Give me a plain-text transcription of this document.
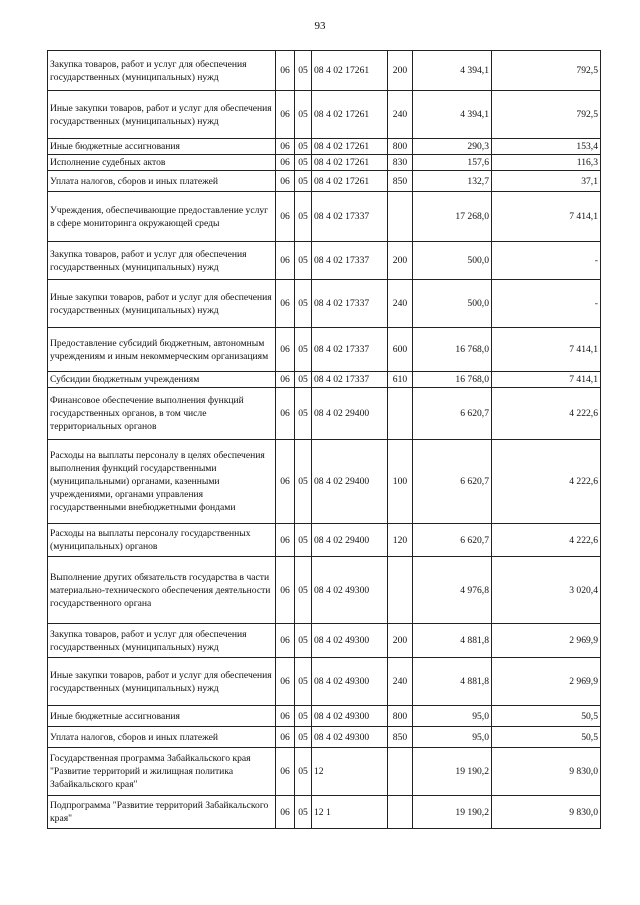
93
Закупка товаров, работ и услуг для обеспечения государственных (муниципальных) нужд	06	05	08 4 02 17261	200	4 394,1	792,5
Иные закупки товаров, работ и услуг для обеспечения государственных (муниципальных) нужд	06	05	08 4 02 17261	240	4 394,1	792,5
Иные бюджетные ассигнования	06	05	08 4 02 17261	800	290,3	153,4
Исполнение судебных актов	06	05	08 4 02 17261	830	157,6	116,3
Уплата налогов, сборов и иных платежей	06	05	08 4 02 17261	850	132,7	37,1
Учреждения, обеспечивающие предоставление услуг в сфере мониторинга окружающей среды	06	05	08 4 02 17337		17 268,0	7 414,1
Закупка товаров, работ и услуг для обеспечения государственных (муниципальных) нужд	06	05	08 4 02 17337	200	500,0	-
Иные закупки товаров, работ и услуг для обеспечения государственных (муниципальных) нужд	06	05	08 4 02 17337	240	500,0	-
Предоставление субсидий бюджетным, автономным учреждениям и иным некоммерческим организациям	06	05	08 4 02 17337	600	16 768,0	7 414,1
Субсидии бюджетным учреждениям	06	05	08 4 02 17337	610	16 768,0	7 414,1
Финансовое обеспечение выполнения функций государственных органов, в том числе территориальных органов	06	05	08 4 02 29400		6 620,7	4 222,6
Расходы на выплаты персоналу в целях обеспечения выполнения функций государственными (муниципальными) органами, казенными учреждениями, органами управления государственными внебюджетными фондами	06	05	08 4 02 29400	100	6 620,7	4 222,6
Расходы на выплаты персоналу государственных (муниципальных) органов	06	05	08 4 02 29400	120	6 620,7	4 222,6
Выполнение других обязательств государства в части материально-технического обеспечения деятельности государственного органа	06	05	08 4 02 49300		4 976,8	3 020,4
Закупка товаров, работ и услуг для обеспечения государственных (муниципальных) нужд	06	05	08 4 02 49300	200	4 881,8	2 969,9
Иные закупки товаров, работ и услуг для обеспечения государственных (муниципальных) нужд	06	05	08 4 02 49300	240	4 881,8	2 969,9
Иные бюджетные ассигнования	06	05	08 4 02 49300	800	95,0	50,5
Уплата налогов, сборов и иных платежей	06	05	08 4 02 49300	850	95,0	50,5
Государственная программа Забайкальского края "Развитие территорий и жилищная политика Забайкальского края"	06	05	12		19 190,2	9 830,0
Подпрограмма "Развитие территорий Забайкальского края"	06	05	12 1		19 190,2	9 830,0
